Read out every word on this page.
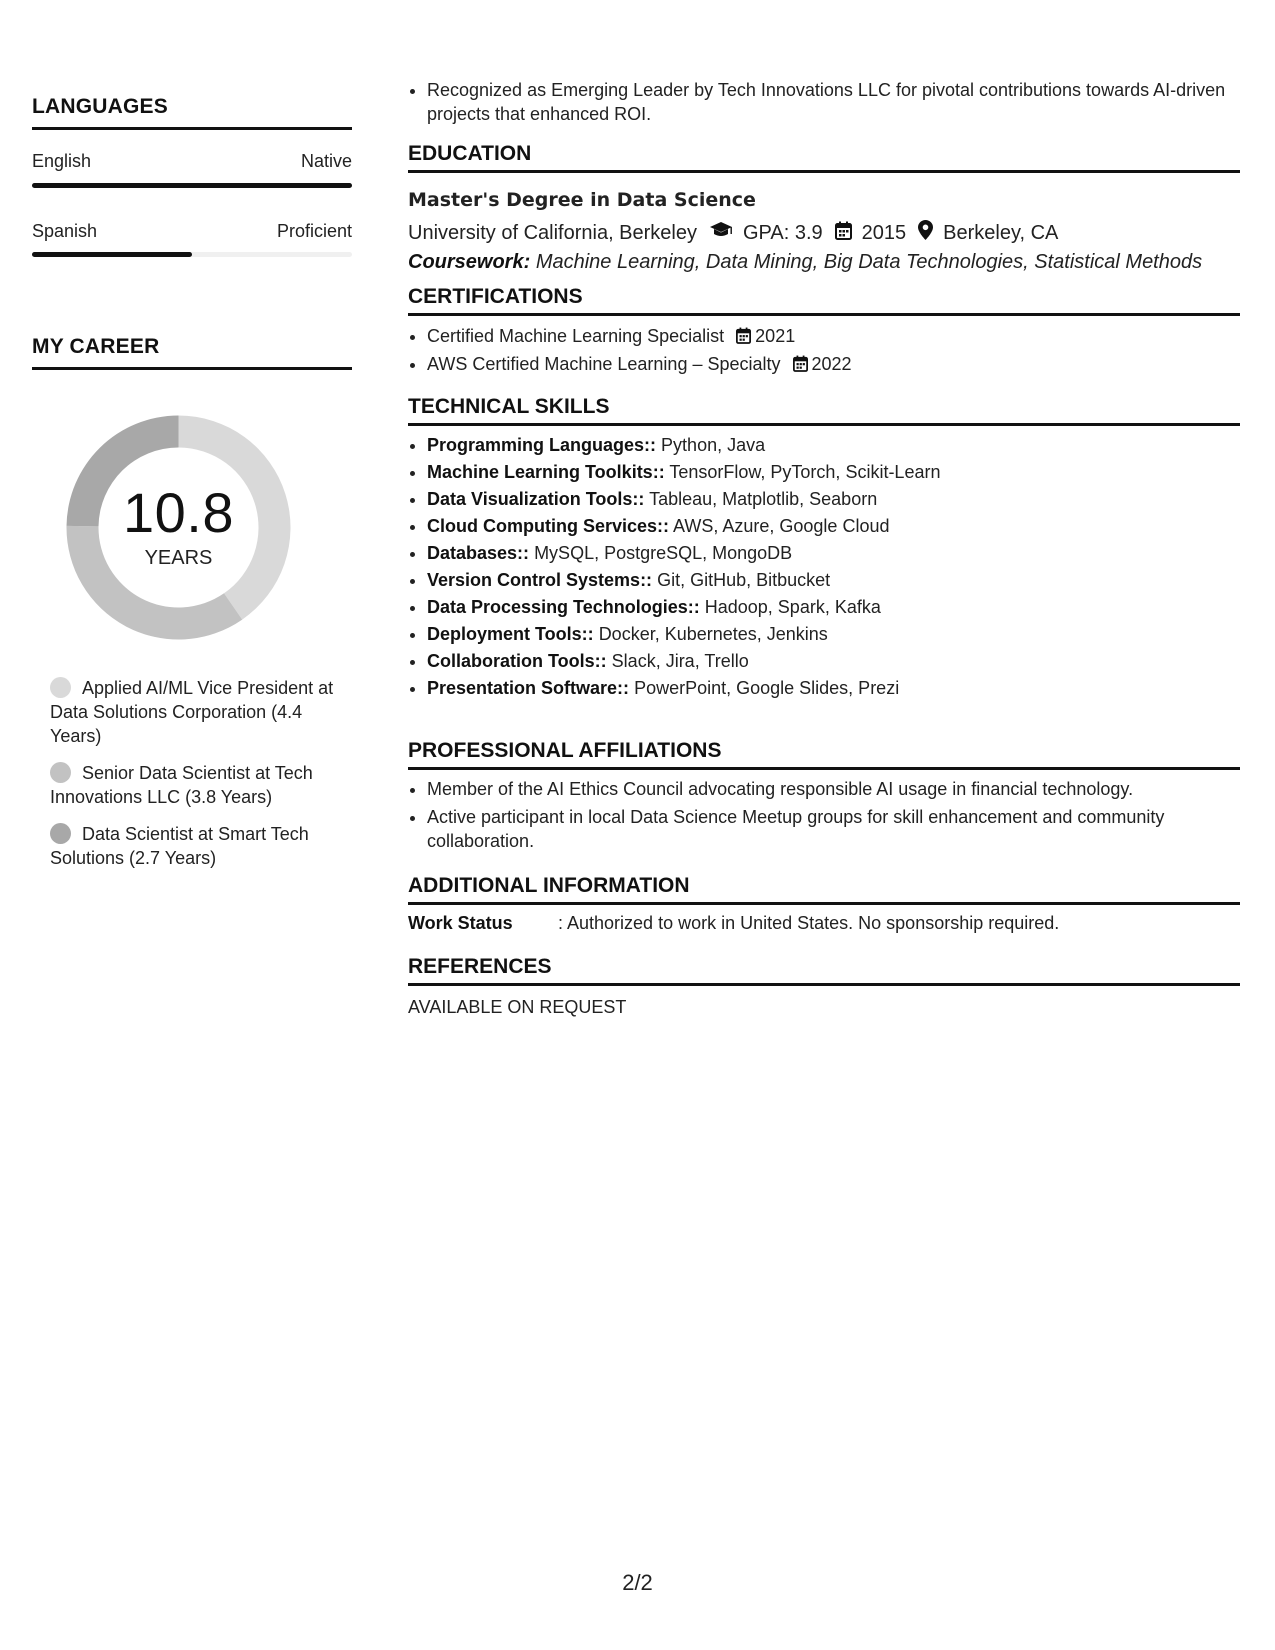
LANGUAGES
English	Native
Spanish	Proficient
MY CAREER
10.8
YEARS
Applied AI/ML Vice President at Data Solutions Corporation (4.4 Years)
Senior Data Scientist at Tech Innovations LLC (3.8 Years)
Data Scientist at Smart Tech Solutions (2.7 Years)
• Recognized as Emerging Leader by Tech Innovations LLC for pivotal contributions towards AI-driven projects that enhanced ROI.
EDUCATION
Master's Degree in Data Science
University of California, Berkeley GPA: 3.9 2015 Berkeley, CA
Coursework: Machine Learning, Data Mining, Big Data Technologies, Statistical Methods
CERTIFICATIONS
• Certified Machine Learning Specialist 2021
• AWS Certified Machine Learning – Specialty 2022
TECHNICAL SKILLS
• Programming Languages:: Python, Java
• Machine Learning Toolkits:: TensorFlow, PyTorch, Scikit-Learn
• Data Visualization Tools:: Tableau, Matplotlib, Seaborn
• Cloud Computing Services:: AWS, Azure, Google Cloud
• Databases:: MySQL, PostgreSQL, MongoDB
• Version Control Systems:: Git, GitHub, Bitbucket
• Data Processing Technologies:: Hadoop, Spark, Kafka
• Deployment Tools:: Docker, Kubernetes, Jenkins
• Collaboration Tools:: Slack, Jira, Trello
• Presentation Software:: PowerPoint, Google Slides, Prezi
PROFESSIONAL AFFILIATIONS
• Member of the AI Ethics Council advocating responsible AI usage in financial technology.
• Active participant in local Data Science Meetup groups for skill enhancement and community collaboration.
ADDITIONAL INFORMATION
Work Status	: Authorized to work in United States. No sponsorship required.
REFERENCES
AVAILABLE ON REQUEST
2/2
